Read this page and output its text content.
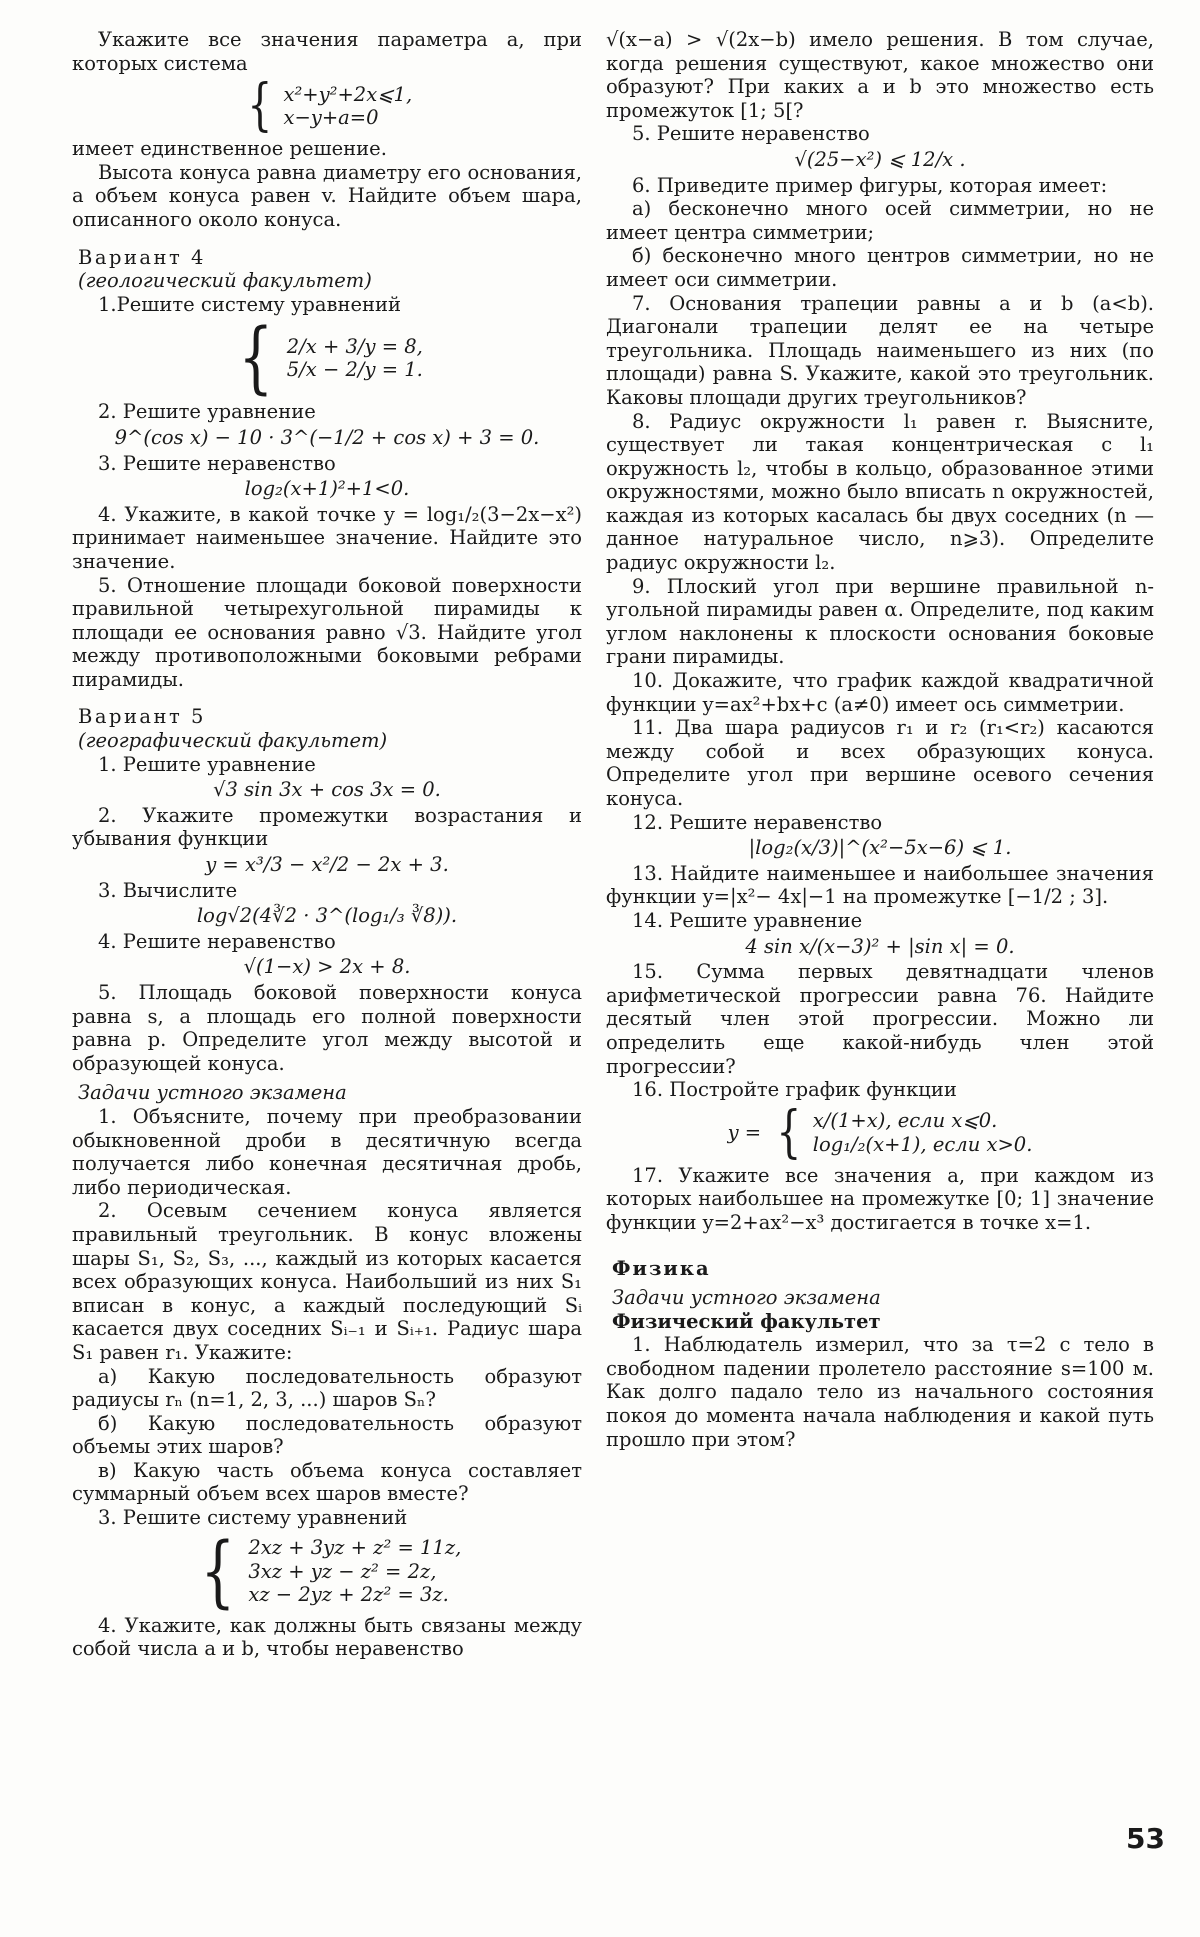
Укажите все значения параметра a, при которых система

{ x²+y²+2x⩽1,
x−y+a=0

имеет единственное решение.

Высота конуса равна диаметру его основания, а объем конуса равен v. Найдите объем шара, описанного около конуса.

Вариант 4

(геологический факультет)

1.Решите систему уравнений

{ 2/x + 3/y = 8,
5/x − 2/y = 1.

2. Решите уравнение

9^(cos x) − 10 · 3^(−1/2 + cos x) + 3 = 0.

3. Решите неравенство

log₂(x+1)²+1<0.

4. Укажите, в какой точке y = log₁/₂(3−2x−x²) принимает наименьшее значение. Найдите это значение.

5. Отношение площади боковой поверхности правильной четырехугольной пирамиды к площади ее основания равно √3. Найдите угол между противоположными боковыми ребрами пирамиды.

Вариант 5

(географический факультет)

1. Решите уравнение

√3 sin 3x + cos 3x = 0.

2. Укажите промежутки возрастания и убывания функции

y = x³/3 − x²/2 − 2x + 3.

3. Вычислите

log√2(4∛2 · 3^(log₁/₃ ∛8)).

4. Решите неравенство

√(1−x) > 2x + 8.

5. Площадь боковой поверхности конуса равна s, а площадь его полной поверхности равна p. Определите угол между высотой и образующей конуса.

Задачи устного экзамена

1. Объясните, почему при преобразовании обыкновенной дроби в десятичную всегда получается либо конечная десятичная дробь, либо периодическая.

2. Осевым сечением конуса является правильный треугольник. В конус вложены шары S₁, S₂, S₃, ..., каждый из которых касается всех образующих конуса. Наибольший из них S₁ вписан в конус, а каждый последующий Sᵢ касается двух соседних Sᵢ₋₁ и Sᵢ₊₁. Радиус шара S₁ равен r₁. Укажите:

а) Какую последовательность образуют радиусы rₙ (n=1, 2, 3, ...) шаров Sₙ?

б) Какую последовательность образуют объемы этих шаров?

в) Какую часть объема конуса составляет суммарный объем всех шаров вместе?

3. Решите систему уравнений

{ 2xz + 3yz + z² = 11z,
3xz + yz − z² = 2z,
xz − 2yz + 2z² = 3z.

4. Укажите, как должны быть связаны между собой числа a и b, чтобы неравенство

√(x−a) > √(2x−b) имело решения. В том случае, когда решения существуют, какое множество они образуют? При каких a и b это множество есть промежуток [1; 5[?

5. Решите неравенство

√(25−x²) ⩽ 12/x .

6. Приведите пример фигуры, которая имеет:

а) бесконечно много осей симметрии, но не имеет центра симметрии;

б) бесконечно много центров симметрии, но не имеет оси симметрии.

7. Основания трапеции равны a и b (a<b). Диагонали трапеции делят ее на четыре треугольника. Площадь наименьшего из них (по площади) равна S. Укажите, какой это треугольник. Каковы площади других треугольников?

8. Радиус окружности l₁ равен r. Выясните, существует ли такая концентрическая с l₁ окружность l₂, чтобы в кольцо, образованное этими окружностями, можно было вписать n окружностей, каждая из которых касалась бы двух соседних (n — данное натуральное число, n⩾3). Определите радиус окружности l₂.

9. Плоский угол при вершине правильной n-угольной пирамиды равен α. Определите, под каким углом наклонены к плоскости основания боковые грани пирамиды.

10. Докажите, что график каждой квадратичной функции y=ax²+bx+c (a≠0) имеет ось симметрии.

11. Два шара радиусов r₁ и r₂ (r₁<r₂) касаются между собой и всех образующих конуса. Определите угол при вершине осевого сечения конуса.

12. Решите неравенство

|log₂(x/3)|^(x²−5x−6) ⩽ 1.

13. Найдите наименьшее и наибольшее значения функции y=|x²− 4x|−1 на промежутке [−1/2 ; 3].

14. Решите уравнение

4 sin x/(x−3)² + |sin x| = 0.

15. Сумма первых девятнадцати членов арифметической прогрессии равна 76. Найдите десятый член этой прогрессии. Можно ли определить еще какой-нибудь член этой прогрессии?

16. Постройте график функции

y = { x/(1+x), если x⩽0.
log₁/₂(x+1), если x>0.

17. Укажите все значения a, при каждом из которых наибольшее на промежутке [0; 1] значение функции y=2+ax²−x³ достигается в точке x=1.

Физика

Задачи устного экзамена

Физический факультет

1. Наблюдатель измерил, что за τ=2 с тело в свободном падении пролетело расстояние s=100 м. Как долго падало тело из начального состояния покоя до момента начала наблюдения и какой путь прошло при этом?

53
